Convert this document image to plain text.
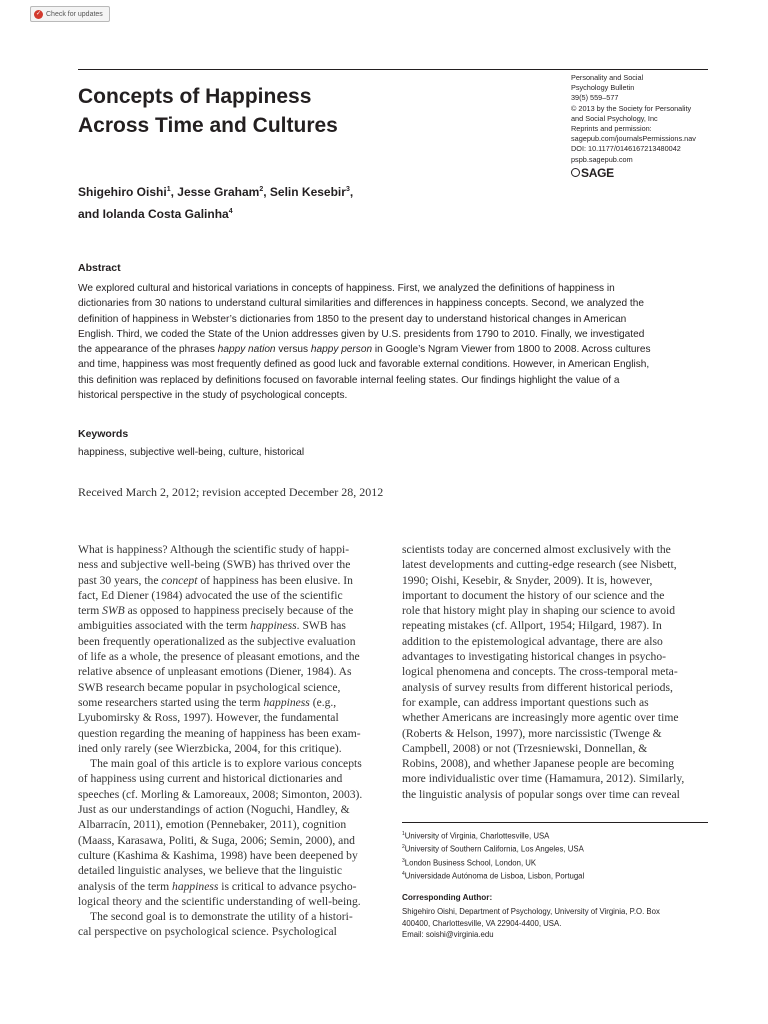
✓ Check for updates
Concepts of Happiness
Across Time and Cultures
Personality and Social
Psychology Bulletin
39(5) 559–577
© 2013 by the Society for Personality
and Social Psychology, Inc
Reprints and permission:
sagepub.com/journalsPermissions.nav
DOI: 10.1177/0146167213480042
pspb.sagepub.com
SAGE
Shigehiro Oishi$^1$, Jesse Graham$^2$, Selin Kesebir$^3$,
and Iolanda Costa Galinha$^4$
Abstract
We explored cultural and historical variations in concepts of happiness. First, we analyzed the definitions of happiness in
dictionaries from 30 nations to understand cultural similarities and differences in happiness concepts. Second, we analyzed the
definition of happiness in Webster’s dictionaries from 1850 to the present day to understand historical changes in American
English. Third, we coded the State of the Union addresses given by U.S. presidents from 1790 to 2010. Finally, we investigated
the appearance of the phrases happy nation versus happy person in Google’s Ngram Viewer from 1800 to 2008. Across cultures
and time, happiness was most frequently defined as good luck and favorable external conditions. However, in American English,
this definition was replaced by definitions focused on favorable internal feeling states. Our findings highlight the value of a
historical perspective in the study of psychological concepts.
Keywords
happiness, subjective well-being, culture, historical
Received March 2, 2012; revision accepted December 28, 2012
What is happiness? Although the scientific study of happi-
ness and subjective well-being (SWB) has thrived over the
past 30 years, the concept of happiness has been elusive. In
fact, Ed Diener (1984) advocated the use of the scientific
term SWB as opposed to happiness precisely because of the
ambiguities associated with the term happiness. SWB has
been frequently operationalized as the subjective evaluation
of life as a whole, the presence of pleasant emotions, and the
relative absence of unpleasant emotions (Diener, 1984). As
SWB research became popular in psychological science,
some researchers started using the term happiness (e.g.,
Lyubomirsky & Ross, 1997). However, the fundamental
question regarding the meaning of happiness has been exam-
ined only rarely (see Wierzbicka, 2004, for this critique).
The main goal of this article is to explore various concepts
of happiness using current and historical dictionaries and
speeches (cf. Morling & Lamoreaux, 2008; Simonton, 2003).
Just as our understandings of action (Noguchi, Handley, &
Albarracín, 2011), emotion (Pennebaker, 2011), cognition
(Maass, Karasawa, Politi, & Suga, 2006; Semin, 2000), and
culture (Kashima & Kashima, 1998) have been deepened by
detailed linguistic analyses, we believe that the linguistic
analysis of the term happiness is critical to advance psycho-
logical theory and the scientific understanding of well-being.
The second goal is to demonstrate the utility of a histori-
cal perspective on psychological science. Psychological
scientists today are concerned almost exclusively with the
latest developments and cutting-edge research (see Nisbett,
1990; Oishi, Kesebir, & Snyder, 2009). It is, however,
important to document the history of our science and the
role that history might play in shaping our science to avoid
repeating mistakes (cf. Allport, 1954; Hilgard, 1987). In
addition to the epistemological advantage, there are also
advantages to investigating historical changes in psycho-
logical phenomena and concepts. The cross-temporal meta-
analysis of survey results from different historical periods,
for example, can address important questions such as
whether Americans are increasingly more agentic over time
(Roberts & Helson, 1997), more narcissistic (Twenge &
Campbell, 2008) or not (Trzesniewski, Donnellan, &
Robins, 2008), and whether Japanese people are becoming
more individualistic over time (Hamamura, 2012). Similarly,
the linguistic analysis of popular songs over time can reveal
$^1$University of Virginia, Charlottesville, USA
$^2$University of Southern California, Los Angeles, USA
$^3$London Business School, London, UK
$^4$Universidade Autónoma de Lisboa, Lisbon, Portugal
Corresponding Author:
Shigehiro Oishi, Department of Psychology, University of Virginia, P.O. Box
400400, Charlottesville, VA 22904-4400, USA.
Email: soishi@virginia.edu
